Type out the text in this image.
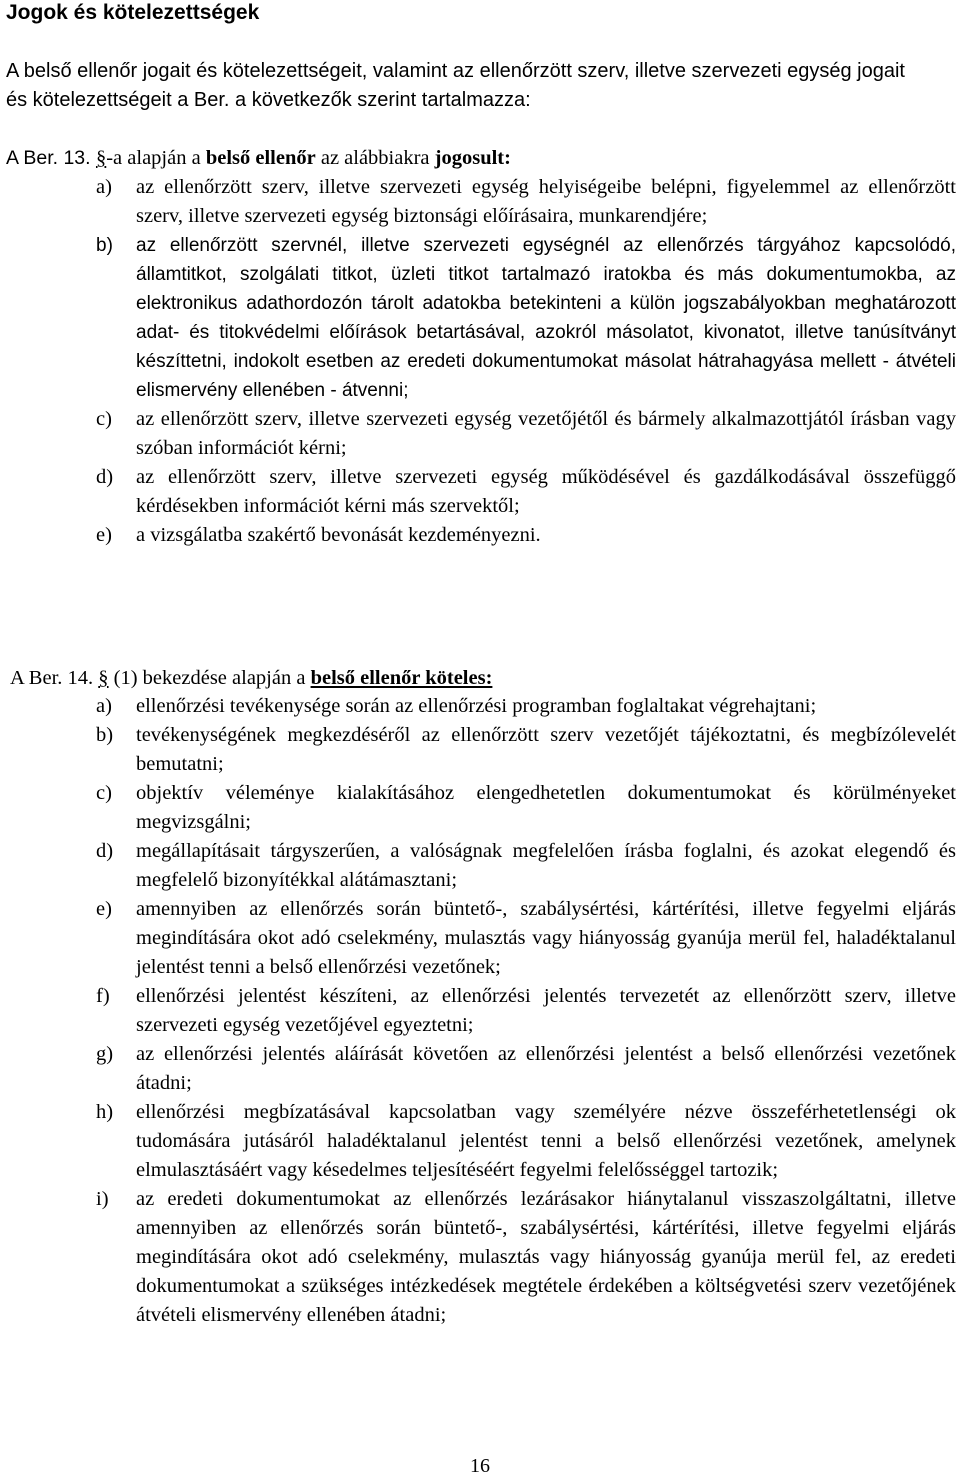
Jogok és kötelezettségek
A belső ellenőr jogait és kötelezettségeit, valamint az ellenőrzött szerv, illetve szervezeti egység jogait és kötelezettségeit a Ber. a következők szerint tartalmazza:
A Ber. 13. §-a alapján a belső ellenőr az alábbiakra jogosult:
a) az ellenőrzött szerv, illetve szervezeti egység helyiségeibe belépni, figyelemmel az ellenőrzött szerv, illetve szervezeti egység biztonsági előírásaira, munkarendjére;
b) az ellenőrzött szervnél, illetve szervezeti egységnél az ellenőrzés tárgyához kapcsolódó, államtitkot, szolgálati titkot, üzleti titkot tartalmazó iratokba és más dokumentumokba, az elektronikus adathordozón tárolt adatokba betekinteni a külön jogszabályokban meghatározott adat- és titokvédelmi előírások betartásával, azokról másolatot, kivonatot, illetve tanúsítványt készíttetni, indokolt esetben az eredeti dokumentumokat másolat hátrahagyása mellett - átvételi elismervény ellenében - átvenni;
c) az ellenőrzött szerv, illetve szervezeti egység vezetőjétől és bármely alkalmazottjától írásban vagy szóban információt kérni;
d) az ellenőrzött szerv, illetve szervezeti egység működésével és gazdálkodásával összefüggő kérdésekben információt kérni más szervektől;
e) a vizsgálatba szakértő bevonását kezdeményezni.
A Ber. 14. § (1) bekezdése alapján a belső ellenőr köteles:
a) ellenőrzési tevékenysége során az ellenőrzési programban foglaltakat végrehajtani;
b) tevékenységének megkezdéséről az ellenőrzött szerv vezetőjét tájékoztatni, és megbízólevelét bemutatni;
c) objektív véleménye kialakításához elengedhetetlen dokumentumokat és körülményeket megvizsgálni;
d) megállapításait tárgyszerűen, a valóságnak megfelelően írásba foglalni, és azokat elegendő és megfelelő bizonyítékkal alátámasztani;
e) amennyiben az ellenőrzés során büntető-, szabálysértési, kártérítési, illetve fegyelmi eljárás megindítására okot adó cselekmény, mulasztás vagy hiányosság gyanúja merül fel, haladéktalanul jelentést tenni a belső ellenőrzési vezetőnek;
f) ellenőrzési jelentést készíteni, az ellenőrzési jelentés tervezetét az ellenőrzött szerv, illetve szervezeti egység vezetőjével egyeztetni;
g) az ellenőrzési jelentés aláírását követően az ellenőrzési jelentést a belső ellenőrzési vezetőnek átadni;
h) ellenőrzési megbízatásával kapcsolatban vagy személyére nézve összeférhetetlenségi ok tudomására jutásáról haladéktalanul jelentést tenni a belső ellenőrzési vezetőnek, amelynek elmulasztásáért vagy késedelmes teljesítéséért fegyelmi felelősséggel tartozik;
i) az eredeti dokumentumokat az ellenőrzés lezárásakor hiánytalanul visszaszolgáltatni, illetve amennyiben az ellenőrzés során büntető-, szabálysértési, kártérítési, illetve fegyelmi eljárás megindítására okot adó cselekmény, mulasztás vagy hiányosság gyanúja merül fel, az eredeti dokumentumokat a szükséges intézkedések megtétele érdekében a költségvetési szerv vezetőjének átvételi elismervény ellenében átadni;
16
